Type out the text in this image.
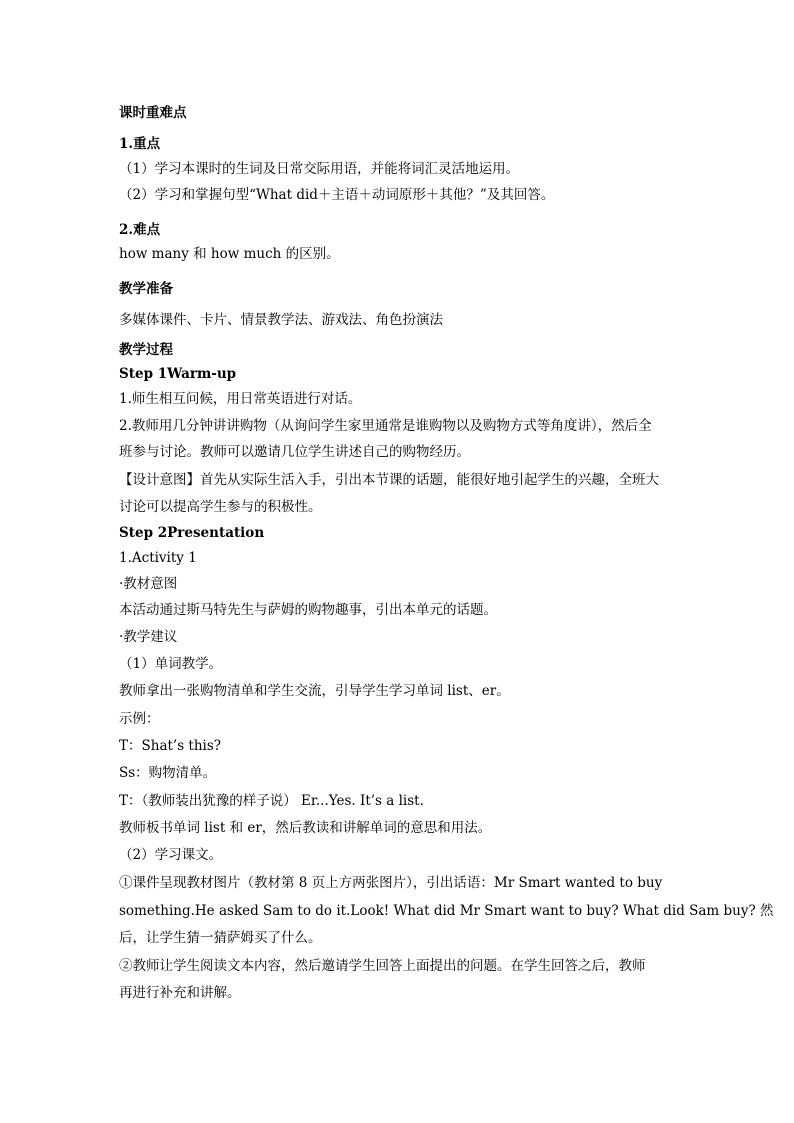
课时重难点
1.重点
（1）学习本课时的生词及日常交际用语，并能将词汇灵活地运用。
（2）学习和掌握句型“What did＋主语＋动词原形＋其他？”及其回答。
2.难点
how many 和 how much 的区别。
教学准备
多媒体课件、卡片、情景教学法、游戏法、角色扮演法
教学过程
Step 1Warm-up
1.师生相互问候，用日常英语进行对话。
2.教师用几分钟讲讲购物（从询问学生家里通常是谁购物以及购物方式等角度讲），然后全
班参与讨论。教师可以邀请几位学生讲述自己的购物经历。
【设计意图】首先从实际生活入手，引出本节课的话题，能很好地引起学生的兴趣，全班大
讨论可以提高学生参与的积极性。
Step 2Presentation
1.Activity 1
·教材意图
本活动通过斯马特先生与萨姆的购物趣事，引出本单元的话题。
·教学建议
（1）单词教学。
教师拿出一张购物清单和学生交流，引导学生学习单词 list、er。
示例：
T：Shat’s this?
Ss：购物清单。
T：（教师装出犹豫的样子说） Er...Yes. It’s a list.
教师板书单词 list 和 er，然后教读和讲解单词的意思和用法。
（2）学习课文。
①课件呈现教材图片（教材第 8 页上方两张图片），引出话语：Mr Smart wanted to buy
something.He asked Sam to do it.Look! What did Mr Smart want to buy? What did Sam buy? 然
后，让学生猜一猜萨姆买了什么。
②教师让学生阅读文本内容，然后邀请学生回答上面提出的问题。在学生回答之后，教师
再进行补充和讲解。
